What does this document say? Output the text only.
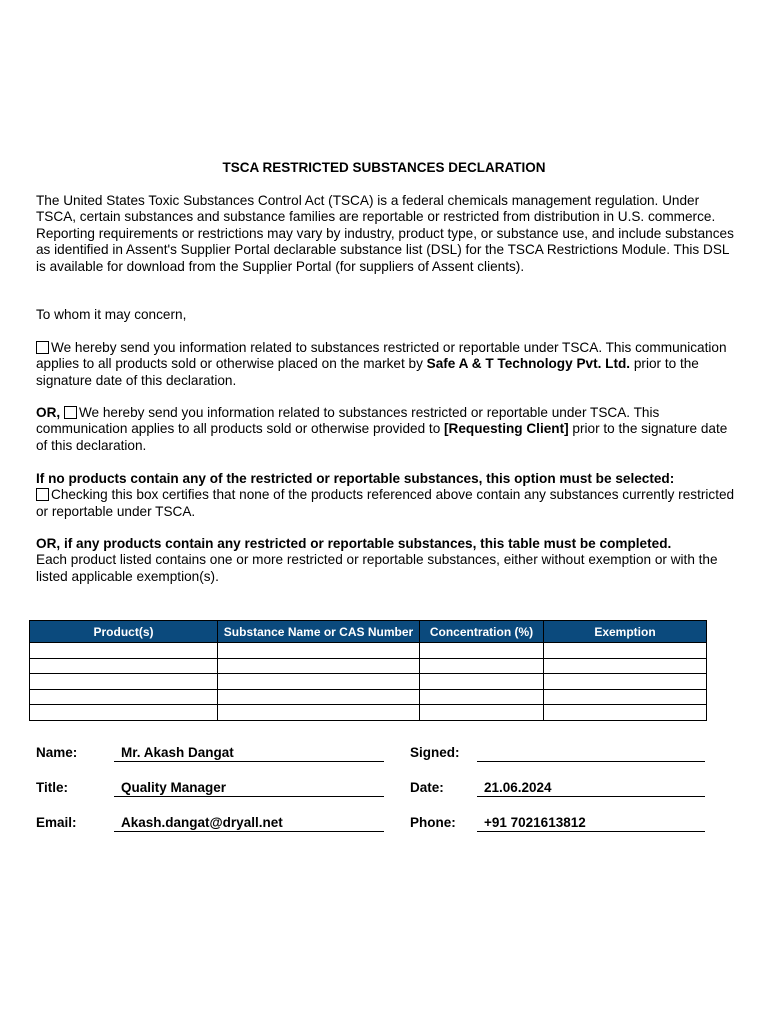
TSCA RESTRICTED SUBSTANCES DECLARATION
The United States Toxic Substances Control Act (TSCA) is a federal chemicals management regulation. Under TSCA, certain substances and substance families are reportable or restricted from distribution in U.S. commerce. Reporting requirements or restrictions may vary by industry, product type, or substance use, and include substances as identified in Assent's Supplier Portal declarable substance list (DSL) for the TSCA Restrictions Module. This DSL is available for download from the Supplier Portal (for suppliers of Assent clients).
To whom it may concern,
We hereby send you information related to substances restricted or reportable under TSCA. This communication applies to all products sold or otherwise placed on the market by Safe A & T Technology Pvt. Ltd. prior to the signature date of this declaration.
OR, We hereby send you information related to substances restricted or reportable under TSCA. This communication applies to all products sold or otherwise provided to [Requesting Client] prior to the signature date of this declaration.
If no products contain any of the restricted or reportable substances, this option must be selected:
Checking this box certifies that none of the products referenced above contain any substances currently restricted or reportable under TSCA.
OR, if any products contain any restricted or reportable substances, this table must be completed.
Each product listed contains one or more restricted or reportable substances, either without exemption or with the listed applicable exemption(s).
Product(s)	Substance Name or CAS Number	Concentration (%)	Exemption

Name:	Mr. Akash Dangat
Title:	Quality Manager
Email:	Akash.dangat@dryall.net
Signed:
Date:	21.06.2024
Phone:	+91 7021613812
